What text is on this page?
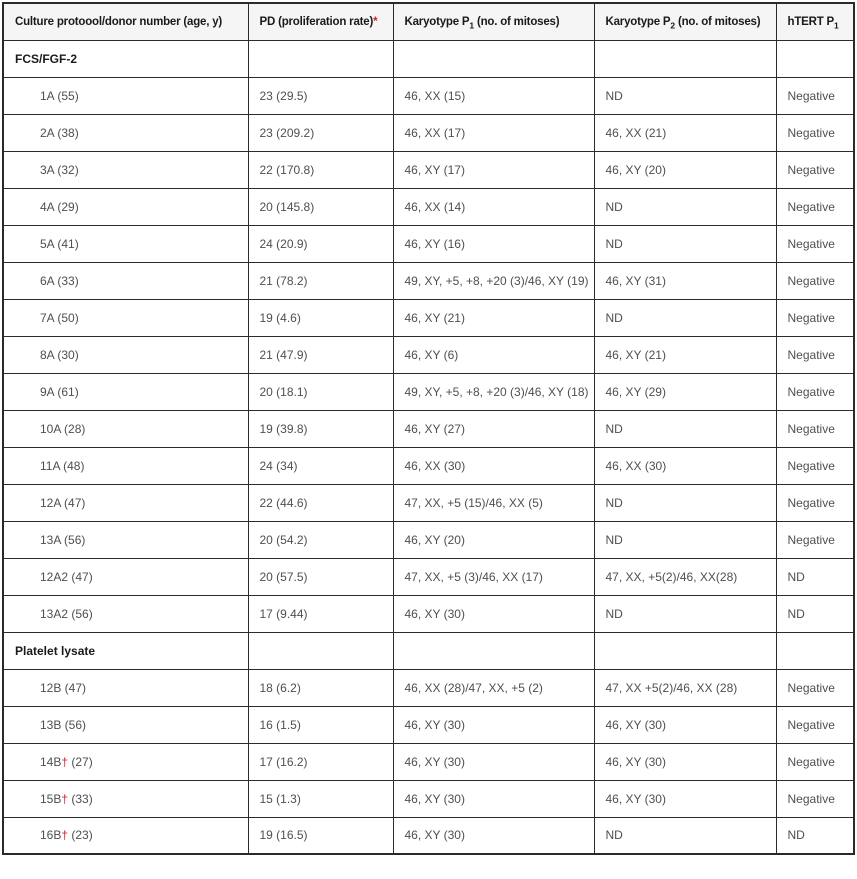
Culture protoool/donor number (age, y)	PD (proliferation rate)*	Karyotype $P_1$ (no. of mitoses)	Karyotype $P_2$ (no. of mitoses)	hTERT $P_1$
FCS/FGF-2				
1A (55)	23 (29.5)	46, XX (15)	ND	Negative
2A (38)	23 (209.2)	46, XX (17)	46, XX (21)	Negative
3A (32)	22 (170.8)	46, XY (17)	46, XY (20)	Negative
4A (29)	20 (145.8)	46, XX (14)	ND	Negative
5A (41)	24 (20.9)	46, XY (16)	ND	Negative
6A (33)	21 (78.2)	49, XY, +5, +8, +20 (3)/46, XY (19)	46, XY (31)	Negative
7A (50)	19 (4.6)	46, XY (21)	ND	Negative
8A (30)	21 (47.9)	46, XY (6)	46, XY (21)	Negative
9A (61)	20 (18.1)	49, XY, +5, +8, +20 (3)/46, XY (18)	46, XY (29)	Negative
10A (28)	19 (39.8)	46, XY (27)	ND	Negative
11A (48)	24 (34)	46, XX (30)	46, XX (30)	Negative
12A (47)	22 (44.6)	47, XX, +5 (15)/46, XX (5)	ND	Negative
13A (56)	20 (54.2)	46, XY (20)	ND	Negative
12A2 (47)	20 (57.5)	47, XX, +5 (3)/46, XX (17)	47, XX, +5(2)/46, XX(28)	ND
13A2 (56)	17 (9.44)	46, XY (30)	ND	ND
Platelet lysate				
12B (47)	18 (6.2)	46, XX (28)/47, XX, +5 (2)	47, XX +5(2)/46, XX (28)	Negative
13B (56)	16 (1.5)	46, XY (30)	46, XY (30)	Negative
14B† (27)	17 (16.2)	46, XY (30)	46, XY (30)	Negative
15B† (33)	15 (1.3)	46, XY (30)	46, XY (30)	Negative
16B† (23)	19 (16.5)	46, XY (30)	ND	ND
